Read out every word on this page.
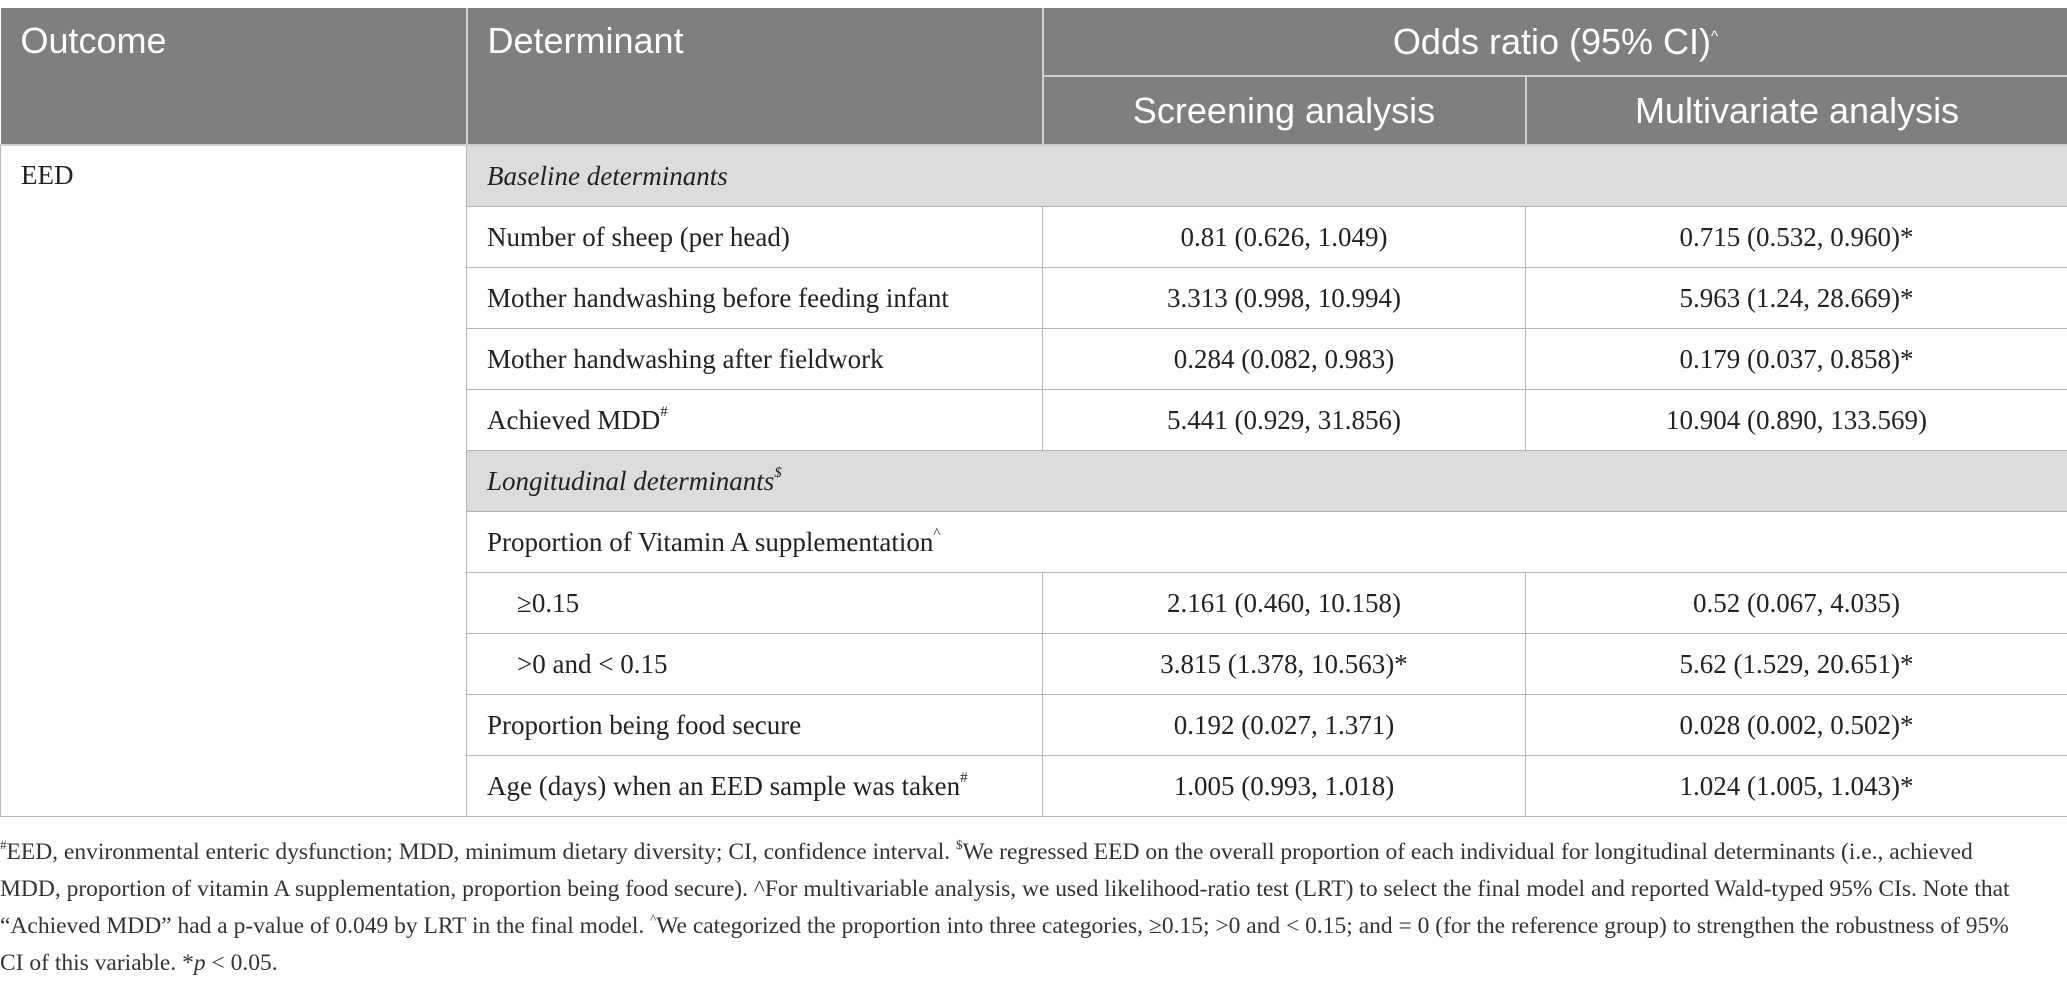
Outcome	Determinant	Odds ratio (95% CI)^
		Screening analysis	Multivariate analysis
EED	Baseline determinants		
	Number of sheep (per head)	0.81 (0.626, 1.049)	0.715 (0.532, 0.960)*
	Mother handwashing before feeding infant	3.313 (0.998, 10.994)	5.963 (1.24, 28.669)*
	Mother handwashing after fieldwork	0.284 (0.082, 0.983)	0.179 (0.037, 0.858)*
	Achieved MDD#	5.441 (0.929, 31.856)	10.904 (0.890, 133.569)
	Longitudinal determinants$
	Proportion of Vitamin A supplementation^
	≥0.15	2.161 (0.460, 10.158)	0.52 (0.067, 4.035)
	>0 and < 0.15	3.815 (1.378, 10.563)*	5.62 (1.529, 20.651)*
	Proportion being food secure	0.192 (0.027, 1.371)	0.028 (0.002, 0.502)*
	Age (days) when an EED sample was taken#	1.005 (0.993, 1.018)	1.024 (1.005, 1.043)*
#EED, environmental enteric dysfunction; MDD, minimum dietary diversity; CI, confidence interval. $We regressed EED on the overall proportion of each individual for longitudinal determinants (i.e., achieved MDD, proportion of vitamin A supplementation, proportion being food secure). ^For multivariable analysis, we used likelihood-ratio test (LRT) to select the final model and reported Wald-typed 95% CIs. Note that “Achieved MDD” had a p-value of 0.049 by LRT in the final model. ^We categorized the proportion into three categories, ≥0.15; >0 and < 0.15; and = 0 (for the reference group) to strengthen the robustness of 95% CI of this variable. *p < 0.05.
